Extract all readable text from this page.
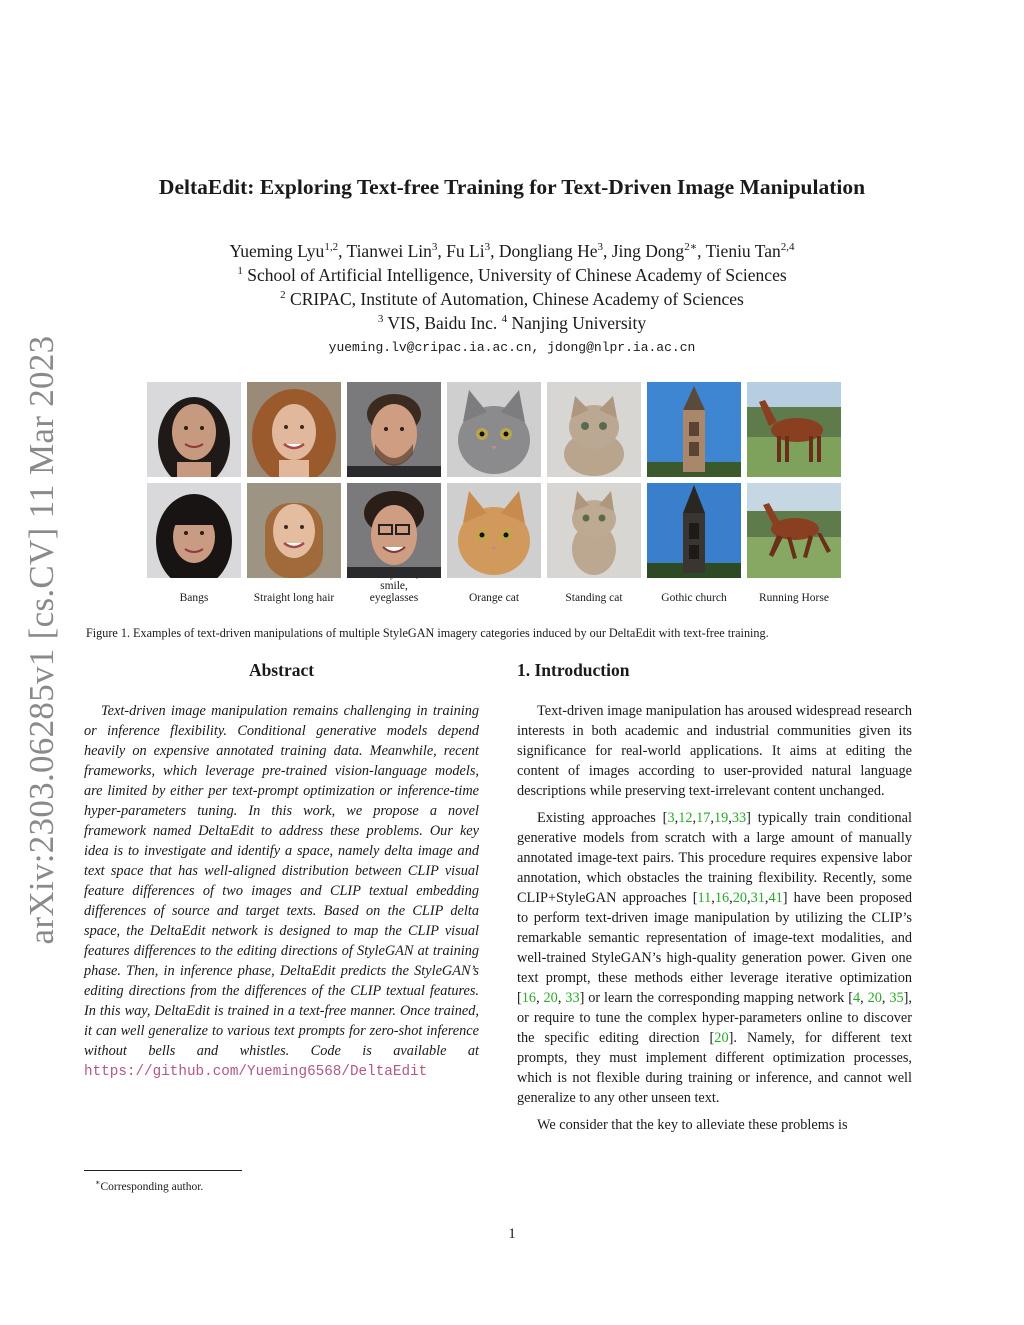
arXiv:2303.06285v1 [cs.CV] 11 Mar 2023
DeltaEdit: Exploring Text-free Training for Text-Driven Image Manipulation
Yueming Lyu$^{1,2}$, Tianwei Lin$^3$, Fu Li$^3$, Dongliang He$^3$, Jing Dong$^{2∗}$, Tieniu Tan$^{2,4}$
$^1$ School of Artificial Intelligence, University of Chinese Academy of Sciences
$^2$ CRIPAC, Institute of Automation, Chinese Academy of Sciences
$^3$ VIS, Baidu Inc. $^4$ Nanjing University
yueming.lv@cripac.ia.ac.cn, jdong@nlpr.ia.ac.cn
Bangs	Straight long hair

smile,
eyeglasses	Orange cat	Standing cat	Gothic church	Running Horse
Figure 1. Examples of text-driven manipulations of multiple StyleGAN imagery categories induced by our DeltaEdit with text-free training.
Abstract
Text-driven image manipulation remains challenging in training or inference flexibility. Conditional generative models depend heavily on expensive annotated training data. Meanwhile, recent frameworks, which leverage pre-trained vision-language models, are limited by either per text-prompt optimization or inference-time hyper-parameters tuning. In this work, we propose a novel framework named DeltaEdit to address these problems. Our key idea is to investigate and identify a space, namely delta image and text space that has well-aligned distribution between CLIP visual feature differences of two images and CLIP textual embedding differences of source and target texts. Based on the CLIP delta space, the DeltaEdit network is designed to map the CLIP visual features differences to the editing directions of StyleGAN at training phase. Then, in inference phase, DeltaEdit predicts the StyleGAN’s editing directions from the differences of the CLIP textual features. In this way, DeltaEdit is trained in a text-free manner. Once trained, it can well generalize to various text prompts for zero-shot inference without bells and whistles. Code is available at https://github.com/Yueming6568/DeltaEdit
∗Corresponding author.
1. Introduction

Text-driven image manipulation has aroused widespread research interests in both academic and industrial communities given its significance for real-world applications. It aims at editing the content of images according to user-provided natural language descriptions while preserving text-irrelevant content unchanged.

Existing approaches [3,12,17,19,33] typically train conditional generative models from scratch with a large amount of manually annotated image-text pairs. This procedure requires expensive labor annotation, which obstacles the training flexibility. Recently, some CLIP+StyleGAN approaches [11,16,20,31,41] have been proposed to perform text-driven image manipulation by utilizing the CLIP’s remarkable semantic representation of image-text modalities, and well-trained StyleGAN’s high-quality generation power. Given one text prompt, these methods either leverage iterative optimization [16, 20, 33] or learn the corresponding mapping network [4, 20, 35], or require to tune the complex hyper-parameters online to discover the specific editing direction [20]. Namely, for different text prompts, they must implement different optimization processes, which is not flexible during training or inference, and cannot well generalize to any other unseen text.

We consider that the key to alleviate these problems is

1
